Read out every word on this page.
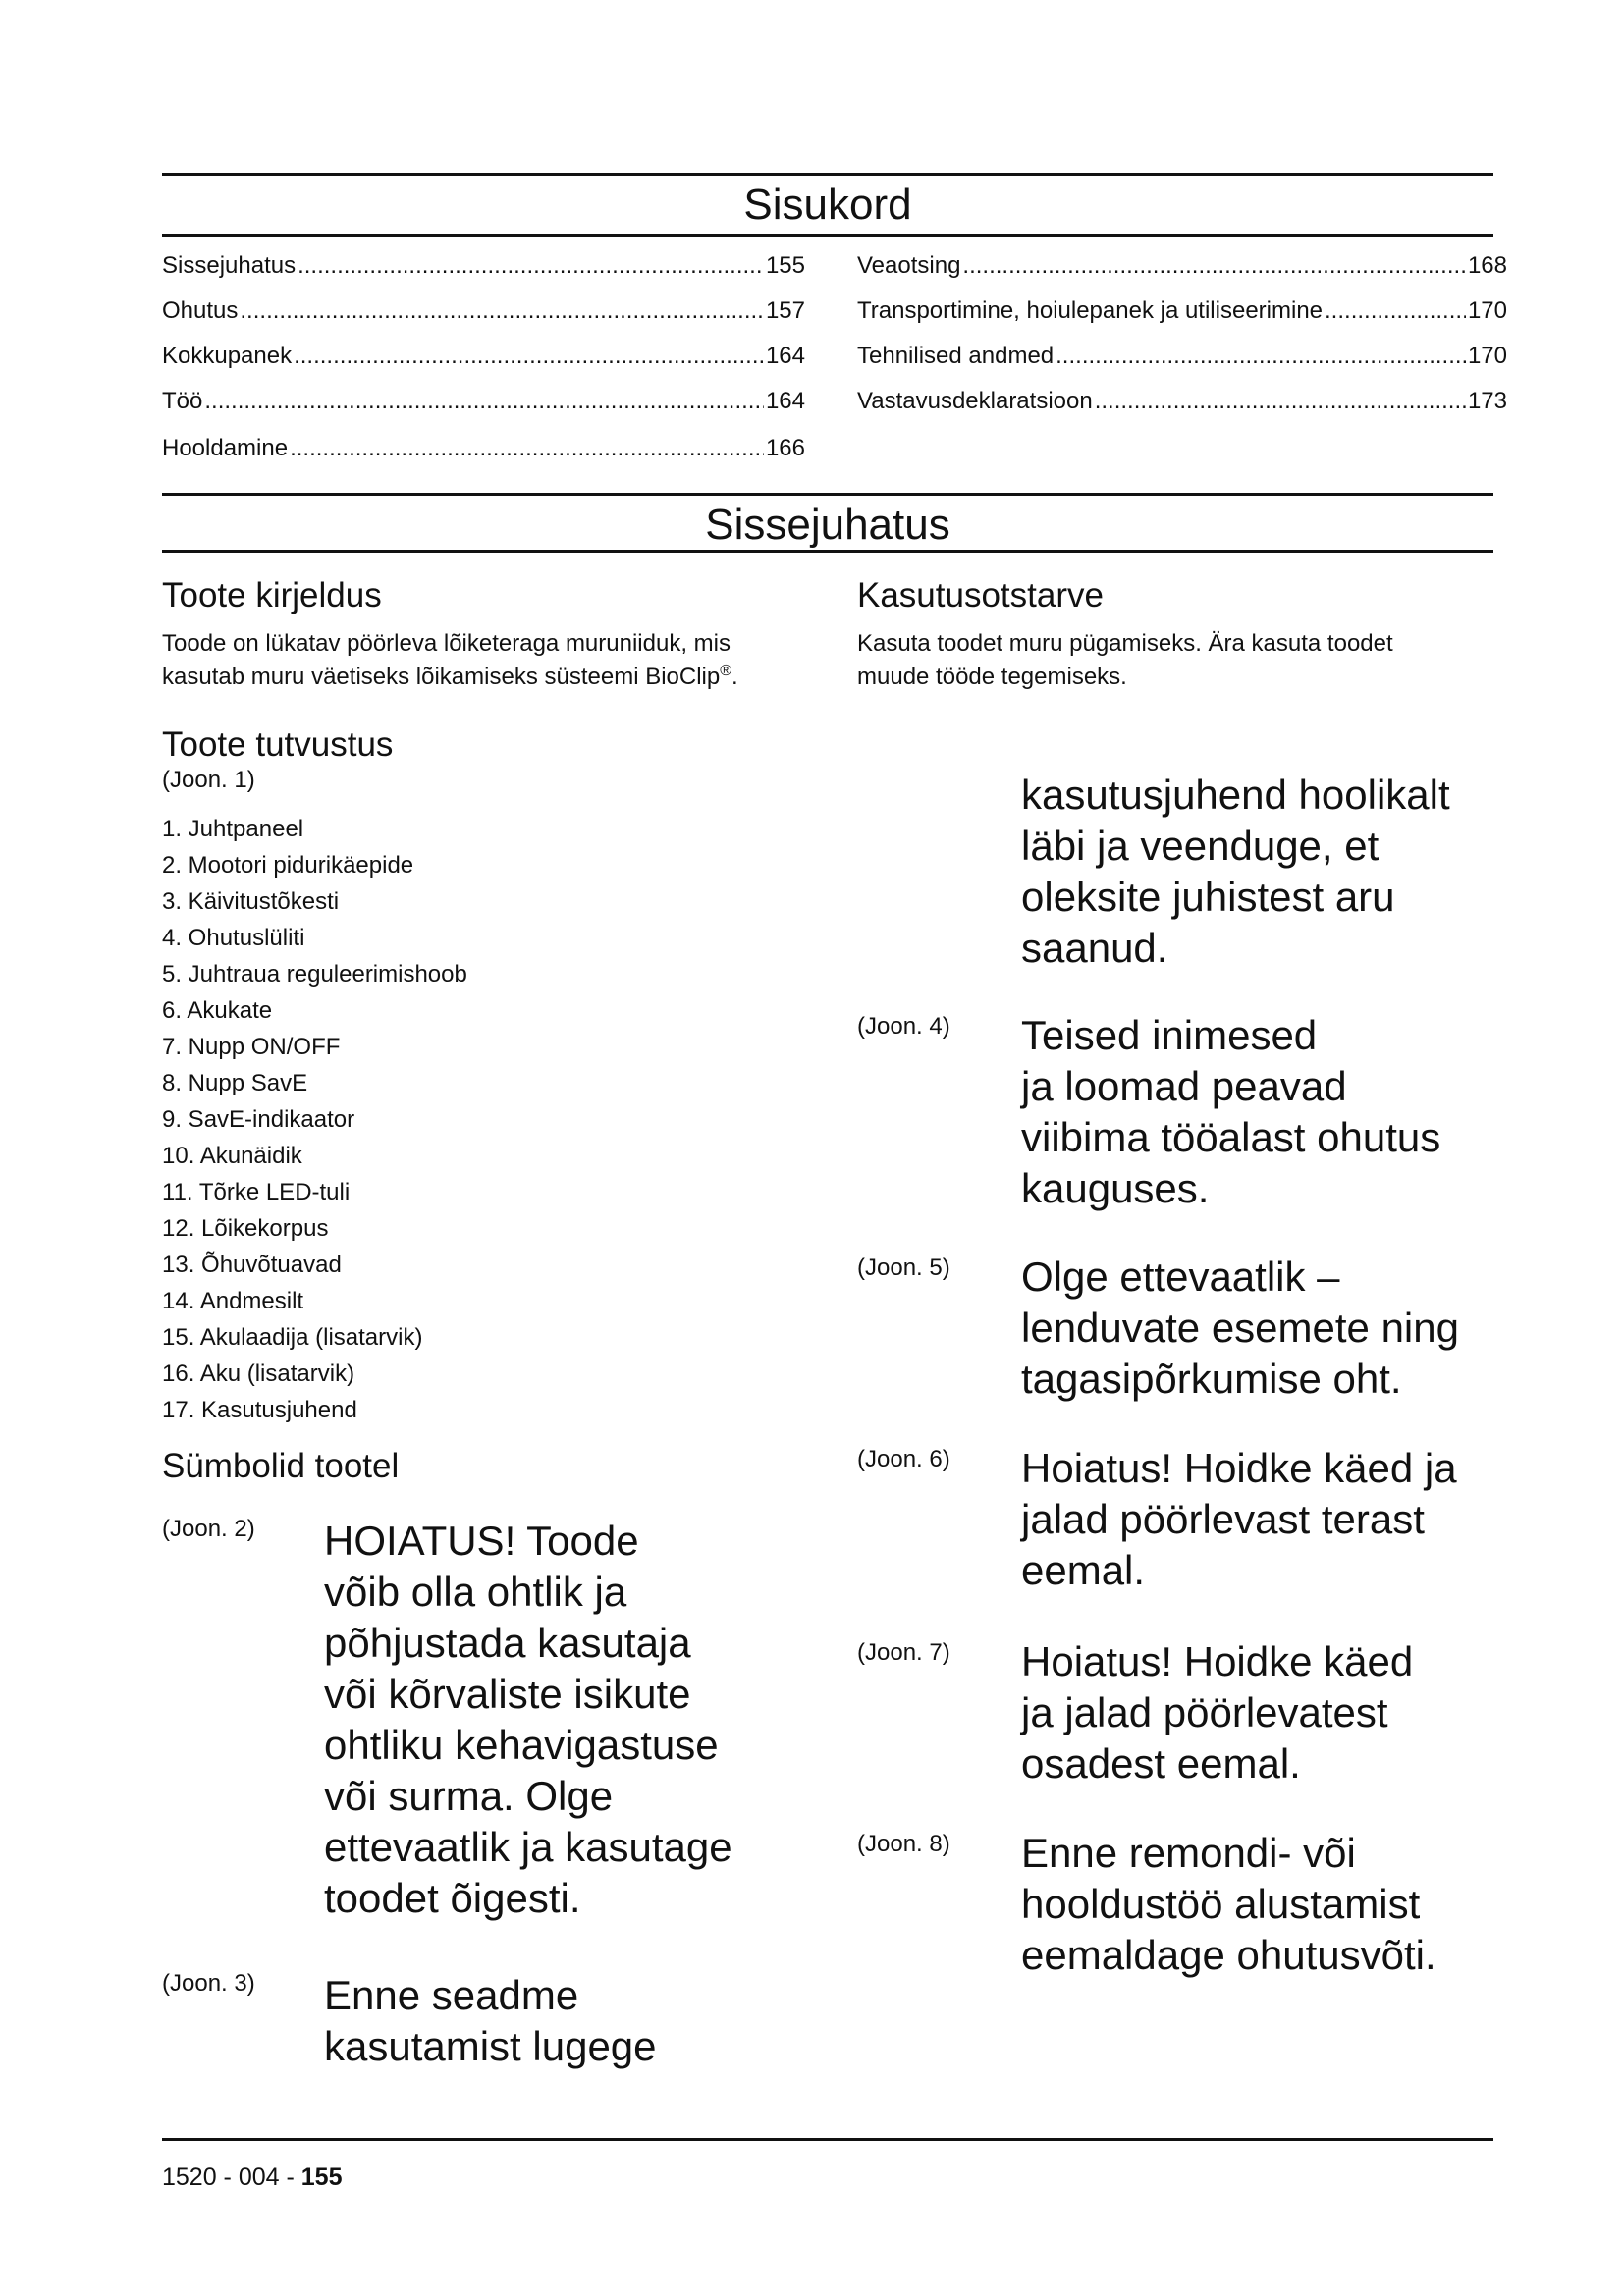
Sisukord
Sissejuhatus .....	155
Ohutus .....	157
Kokkupanek .....	164
Töö .....	164
Hooldamine .....	166
Veaotsing .....	168
Transportimine, hoiulepanek ja utiliseerimine .....	170
Tehnilised andmed .....	170
Vastavusdeklaratsioon .....	173
Sissejuhatus
Toote kirjeldus
Toode on lükatav pöörleva lõiketeraga muruniiduk, mis
kasutab muru väetiseks lõikamiseks süsteemi BioClip®.
Kasutusotstarve
Kasuta toodet muru pügamiseks. Ära kasuta toodet
muude tööde tegemiseks.
Toote tutvustus
(Joon. 1)
1. Juhtpaneel
2. Mootori pidurikäepide
3. Käivitustõkesti
4. Ohutuslüliti
5. Juhtraua reguleerimishoob
6. Akukate
7. Nupp ON/OFF
8. Nupp SavE
9. SavE-indikaator
10. Akunäidik
11. Tõrke LED-tuli
12. Lõikekorpus
13. Õhuvõtuavad
14. Andmesilt
15. Akulaadija (lisatarvik)
16. Aku (lisatarvik)
17. Kasutusjuhend
Sümbolid tootel
(Joon. 2) HOIATUS! Toode
võib olla ohtlik ja
põhjustada kasutaja
või kõrvaliste isikute
ohtliku kehavigastuse
või surma. Olge
ettevaatlik ja kasutage
toodet õigesti.
(Joon. 3) Enne seadme
kasutamist lugege
kasutusjuhend hoolikalt
läbi ja veenduge, et
oleksite juhistest aru
saanud.
(Joon. 4) Teised inimesed
ja loomad peavad
viibima tööalast ohutus
kauguses.
(Joon. 5) Olge ettevaatlik –
lenduvate esemete ning
tagasipõrkumise oht.
(Joon. 6) Hoiatus! Hoidke käed ja
jalad pöörlevast terast
eemal.
(Joon. 7) Hoiatus! Hoidke käed
ja jalad pöörlevatest
osadest eemal.
(Joon. 8) Enne remondi- või
hooldustöö alustamist
eemaldage ohutusvõti.
1520 - 004 - 155
